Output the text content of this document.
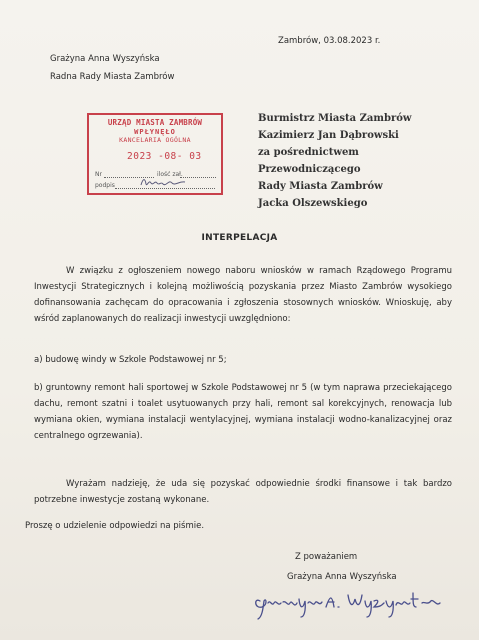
Grażyna Anna Wyszyńska
Radna Rady Miasta Zambrów
Zambrów, 03.08.2023 r.
Burmistrz Miasta Zambrów
Kazimierz Jan Dąbrowski
za pośrednictwem
Przewodniczącego
Rady Miasta Zambrów
Jacka Olszewskiego
URZĄD MIASTA ZAMBRÓW
WPŁYNĘŁO
KANCELARIA OGÓLNA
2023 -08- 03
Nr	ilość zał.
podpis
INTERPELACJA

W związku z ogłoszeniem nowego naboru wniosków w ramach Rządowego Programu Inwestycji Strategicznych i kolejną możliwością pozyskania przez Miasto Zambrów wysokiego dofinansowania zachęcam do opracowania i zgłoszenia stosownych wniosków. Wnioskuję, aby wśród zaplanowanych do realizacji inwestycji uwzględniono:

a) budowę windy w Szkole Podstawowej nr 5;

b) gruntowny remont hali sportowej w Szkole Podstawowej nr 5 (w tym naprawa przeciekającego dachu, remont szatni i toalet usytuowanych przy hali, remont sal korekcyjnych, renowacja lub wymiana okien, wymiana instalacji wentylacyjnej, wymiana instalacji wodno-kanalizacyjnej oraz centralnego ogrzewania).

Wyrażam nadzieję, że uda się pozyskać odpowiednie środki finansowe i tak bardzo potrzebne inwestycje zostaną wykonane.

Proszę o udzielenie odpowiedzi na piśmie.

Z poważaniem
Grażyna Anna Wyszyńska
